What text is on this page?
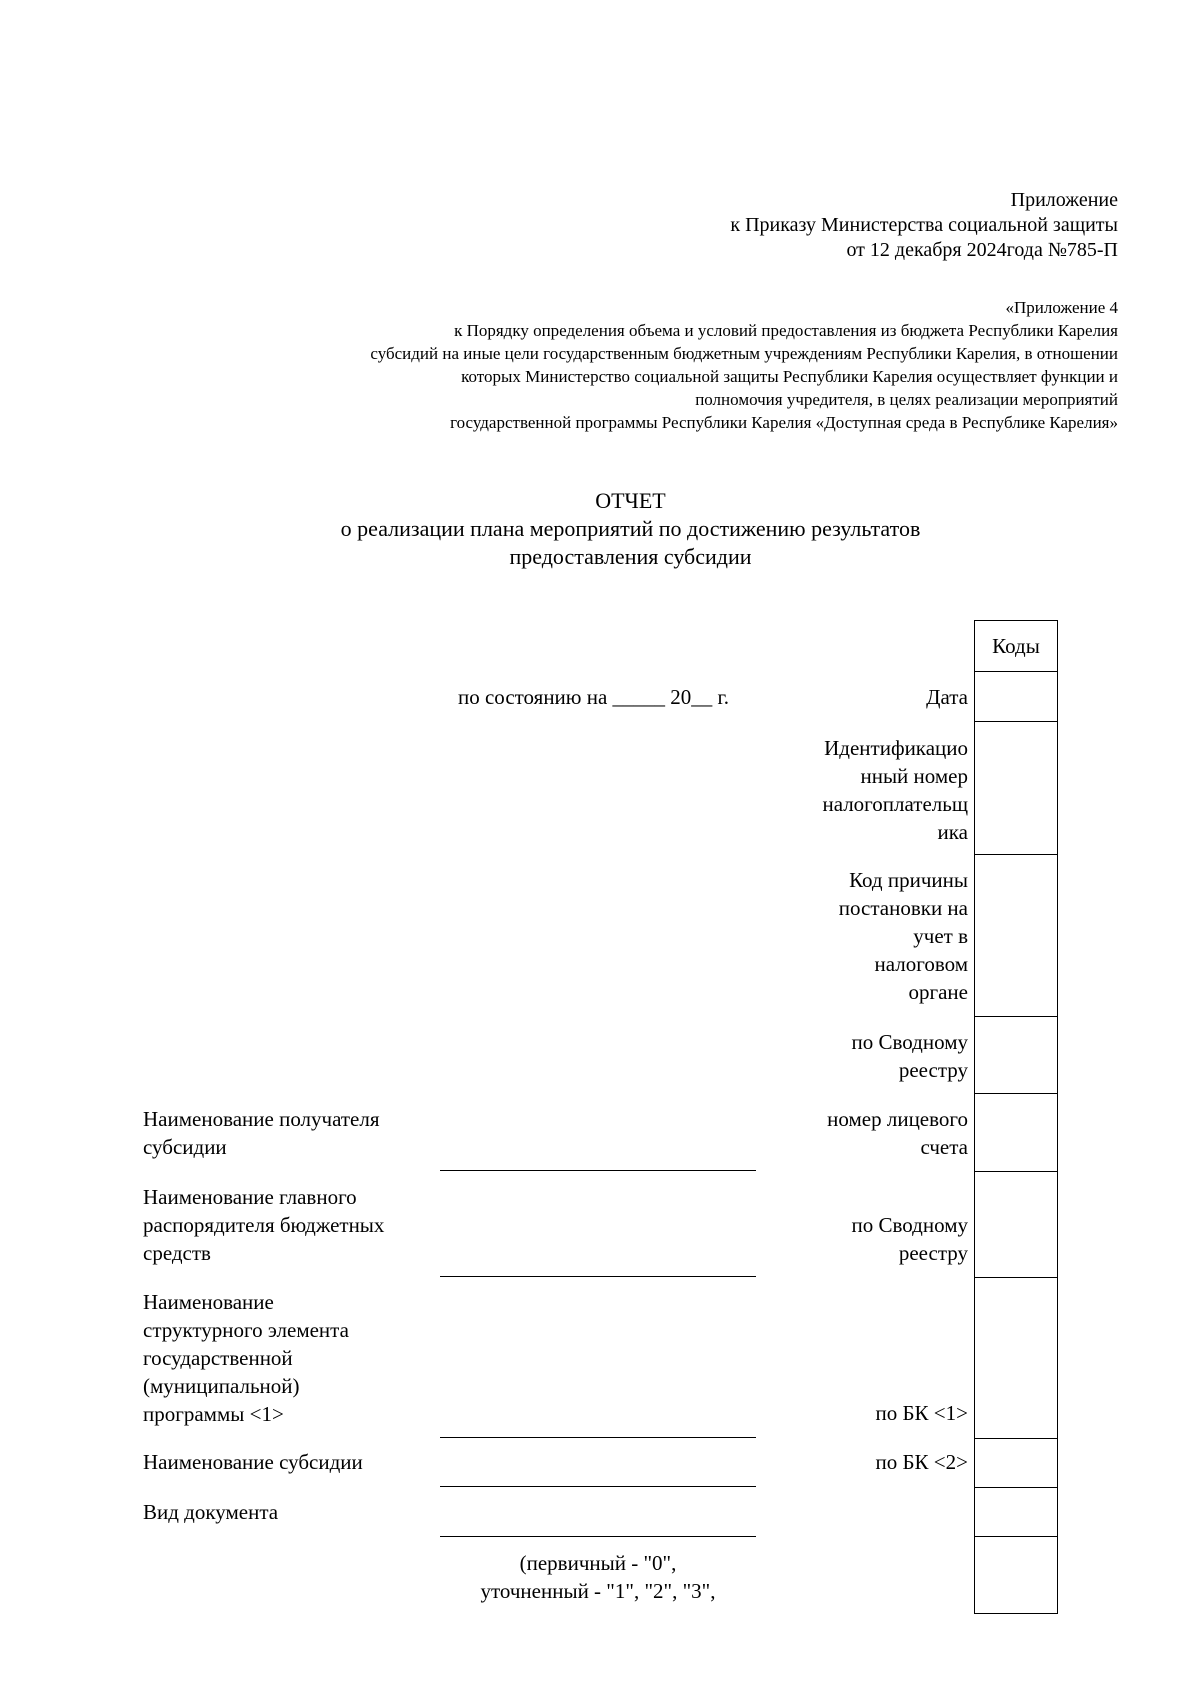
Приложение
к Приказу Министерства социальной защиты
от 12 декабря 2024года №785-П
«Приложение 4
к Порядку определения объема и условий предоставления из бюджета Республики Карелия
субсидий на иные цели государственным бюджетным учреждениям Республики Карелия, в отношении
которых Министерство социальной защиты Республики Карелия осуществляет функции и
полномочия учредителя, в целях реализации мероприятий
государственной программы Республики Карелия «Доступная среда в Республике Карелия»
ОТЧЕТ
о реализации плана мероприятий по достижению результатов
предоставления субсидии
Коды
по состоянию на _____ 20__ г.	Дата
Идентификацио
нный номер
налогоплательщ
ика
Код причины
постановки на
учет в
налоговом
органе
по Сводному
реестру
номер лицевого
счета
по Сводному
реестру
по БК <1>
по БК <2>
Наименование получателя
субсидии
Наименование главного
распорядителя бюджетных
средств
Наименование
структурного элемента
государственной
(муниципальной)
программы <1>
Наименование субсидии
Вид документа
(первичный - "0",
уточненный - "1", "2", "3",
